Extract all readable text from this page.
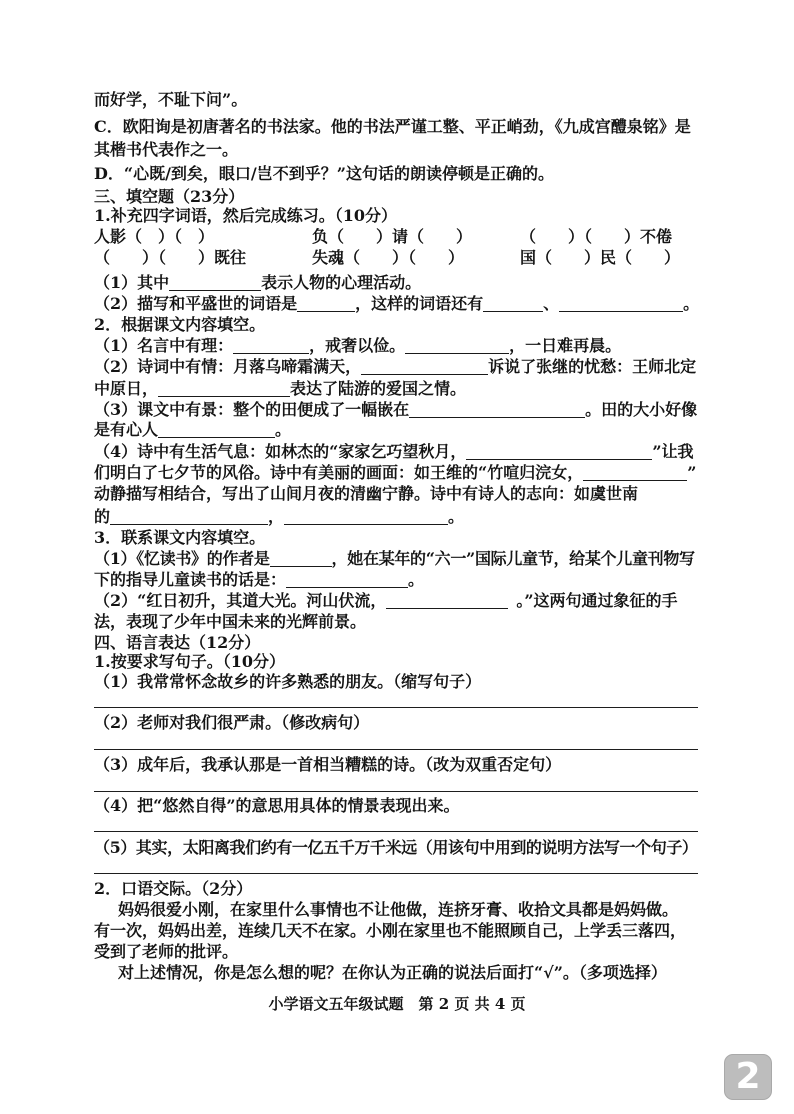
而好学，不耻下问”。
C．欧阳询是初唐著名的书法家。他的书法严谨工整、平正峭劲，《九成宫醴泉铭》是
其楷书代表作之一。
D．“心既/到矣，眼口/岂不到乎？”这句话的朗读停顿是正确的。
三、填空题（23分）
1.补充四字词语，然后完成练习。（10分）
人影（　）（　）	负（　　）请（　　）	（　　）（　　）不倦
（　　）（　　）既往	失魂（　　）（　　）	国（　　）民（　　）
（1）其中	表示人物的心理活动。
（2）描写和平盛世的词语是	，这样的词语还有	、	。
2．根据课文内容填空。
（1）名言中有理：	，戒奢以俭。	，一日难再晨。
（2）诗词中有情：月落乌啼霜满天，	诉说了张继的忧愁：王师北定
中原日，	表达了陆游的爱国之情。
（3）课文中有景：整个的田便成了一幅嵌在	。田的大小好像
是有心人	。
（4）诗中有生活气息：如林杰的“家家乞巧望秋月，	”让我
们明白了七夕节的风俗。诗中有美丽的画面：如王维的“竹喧归浣女，	”
动静描写相结合，写出了山间月夜的清幽宁静。诗中有诗人的志向：如虞世南
的	，	。
3．联系课文内容填空。
（1）《忆读书》的作者是	，她在某年的“六一”国际儿童节，给某个儿童刊物写
下的指导儿童读书的话是：	。
（2）“红日初升，其道大光。河山伏流，	。”这两句通过象征的手
法，表现了少年中国未来的光辉前景。
四、语言表达（12分）
1.按要求写句子。（10分）
（1）我常常怀念故乡的许多熟悉的朋友。（缩写句子）
（2）老师对我们很严肃。（修改病句）
（3）成年后，我承认那是一首相当糟糕的诗。（改为双重否定句）
（4）把“悠然自得”的意思用具体的情景表现出来。
（5）其实，太阳离我们约有一亿五千万千米远（用该句中用到的说明方法写一个句子）
2．口语交际。（2分）
妈妈很爱小刚，在家里什么事情也不让他做，连挤牙膏、收拾文具都是妈妈做。
有一次，妈妈出差，连续几天不在家。小刚在家里也不能照顾自己，上学丢三落四，
受到了老师的批评。
对上述情况，你是怎么想的呢？在你认为正确的说法后面打“√”。（多项选择）
小学语文五年级试题　第 2 页 共 4 页
2
